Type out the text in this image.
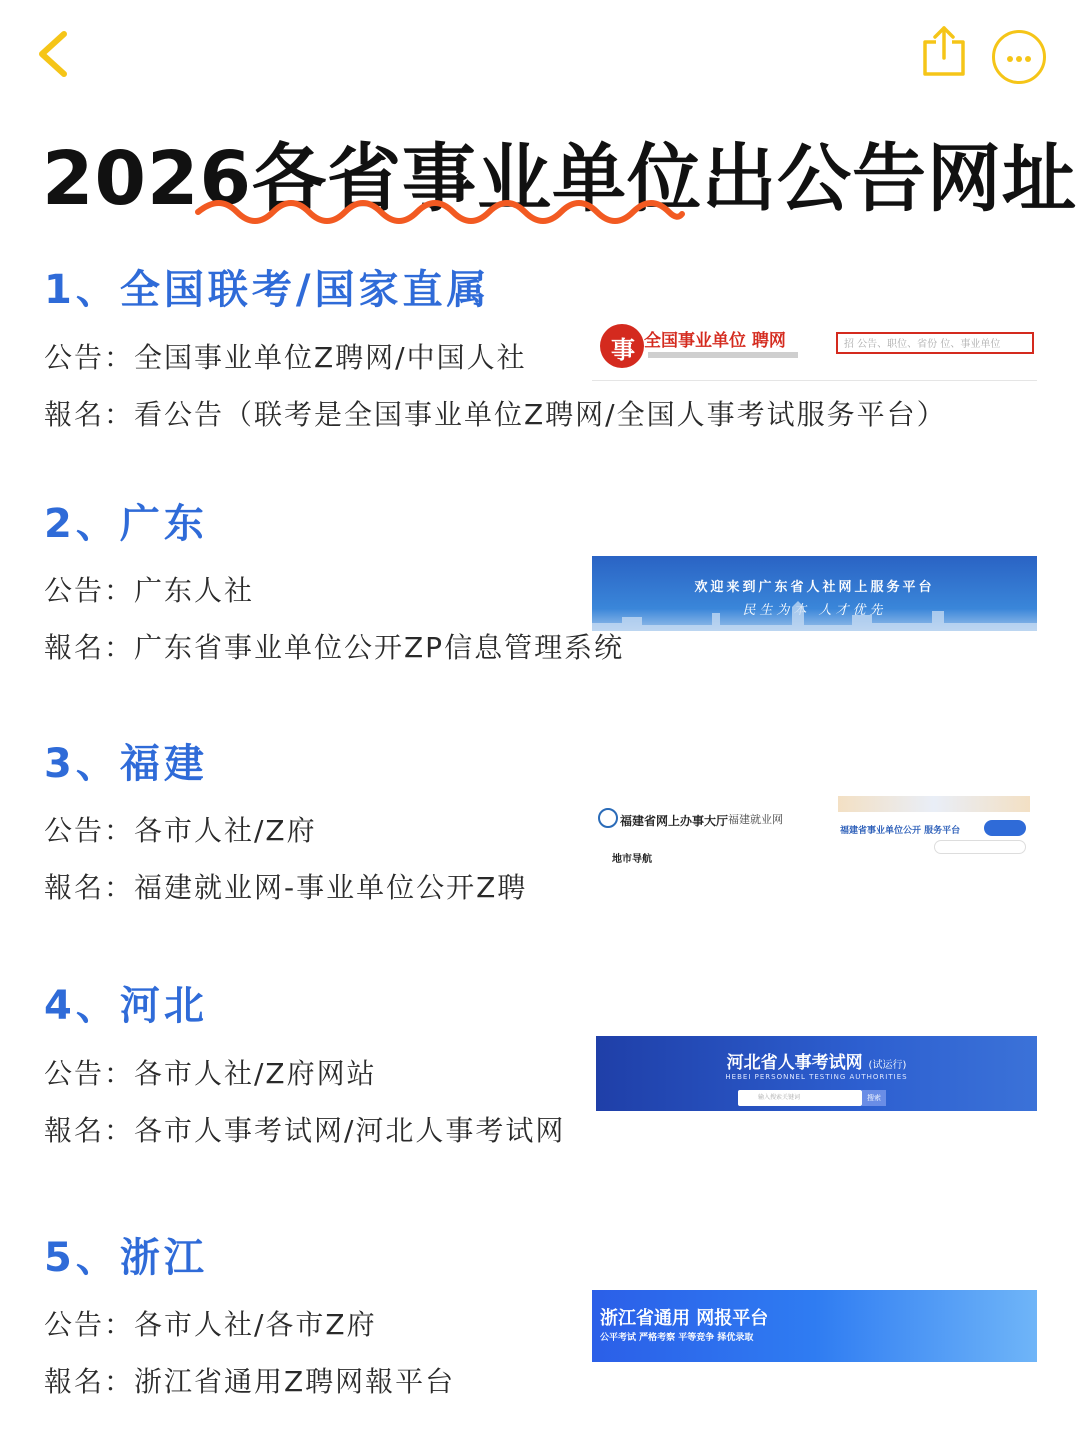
2026各省事业单位出公告网址
1、全国联考/国家直属
公告：全国事业单位Z聘网/中国人社
報名：看公告（联考是全国事业单位Z聘网/全国人事考试服务平台）
事 全国事业单位 聘网	招 公告、职位、省份 位、事业单位
2、广东
公告：广东人社
報名：广东省事业单位公开ZP信息管理系统
欢迎来到广东省人社网上服务平台
民生为本 人才优先
3、福建
公告：各市人社/Z府
報名：福建就业网-事业单位公开Z聘
福建省网上办事大厅 福建就业网
地市导航
福建省事业单位公开 服务平台
4、河北
公告：各市人社/Z府网站
報名：各市人事考试网/河北人事考试网
河北省人事考试网 (试运行)
HEBEI PERSONNEL TESTING AUTHORITIES
输入搜索关键词	搜索
5、浙江
公告：各市人社/各市Z府
報名：浙江省通用Z聘网報平台
浙江省通用 网报平台
公平考试 严格考察 平等竞争 择优录取
